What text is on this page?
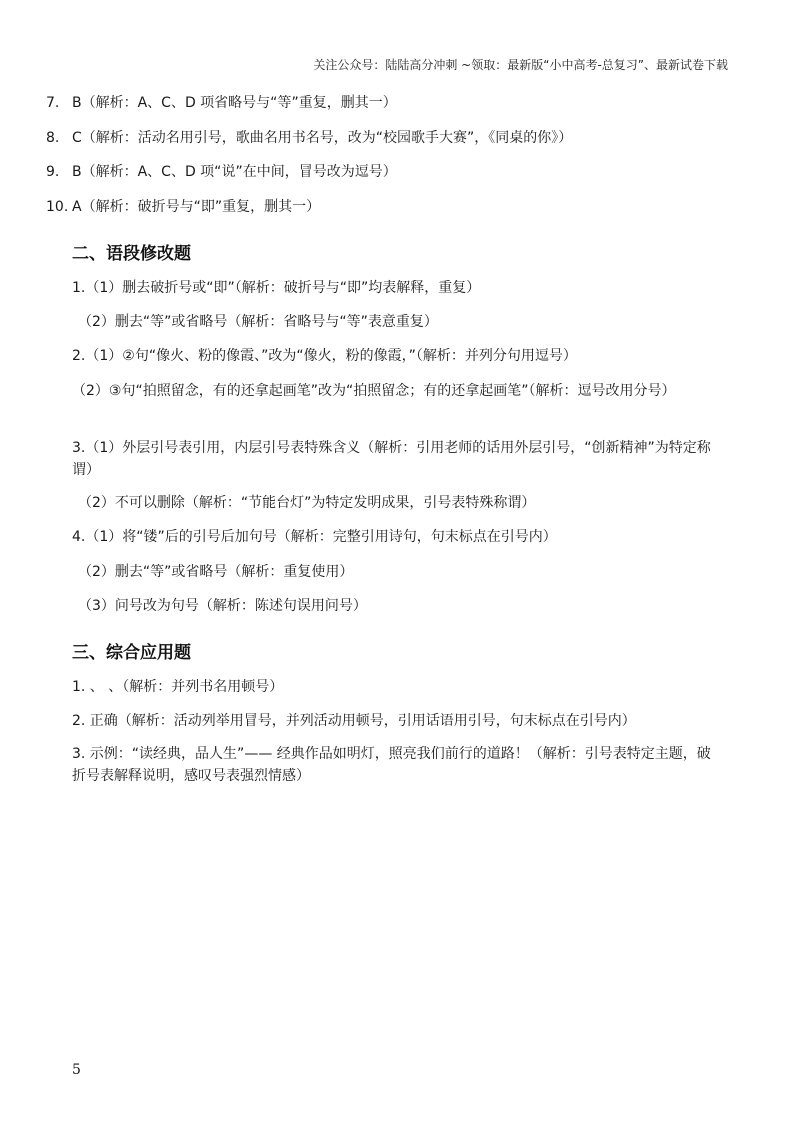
关注公众号：陆陆高分冲刺 ~领取：最新版“小中高考-总复习”、最新试卷下载
7. B（解析：A、C、D 项省略号与“等”重复，删其一）
8. C（解析：活动名用引号，歌曲名用书名号，改为“校园歌手大赛”，《同桌的你》）
9. B（解析：A、C、D 项“说”在中间，冒号改为逗号）
10. A（解析：破折号与“即”重复，删其一）
二、语段修改题
1.（1）删去破折号或“即”（解析：破折号与“即”均表解释，重复）
（2）删去“等”或省略号（解析：省略号与“等”表意重复）
2.（1）②句“像火、粉的像霞、”改为“像火，粉的像霞，”（解析：并列分句用逗号）
（2）③句“拍照留念，有的还拿起画笔”改为“拍照留念；有的还拿起画笔”（解析：逗号改用分号）
3.（1）外层引号表引用，内层引号表特殊含义（解析：引用老师的话用外层引号，“创新精神”为特定称谓）
（2）不可以删除（解析：“节能台灯”为特定发明成果，引号表特殊称谓）
4.（1）将“镂”后的引号后加句号（解析：完整引用诗句，句末标点在引号内）
（2）删去“等”或省略号（解析：重复使用）
（3）问号改为句号（解析：陈述句误用问号）
三、综合应用题
1. 、 、（解析：并列书名用顿号）
2. 正确（解析：活动列举用冒号，并列活动用顿号，引用话语用引号，句末标点在引号内）
3. 示例：“读经典，品人生”—— 经典作品如明灯，照亮我们前行的道路！（解析：引号表特定主题，破折号表解释说明，感叹号表强烈情感）
5
